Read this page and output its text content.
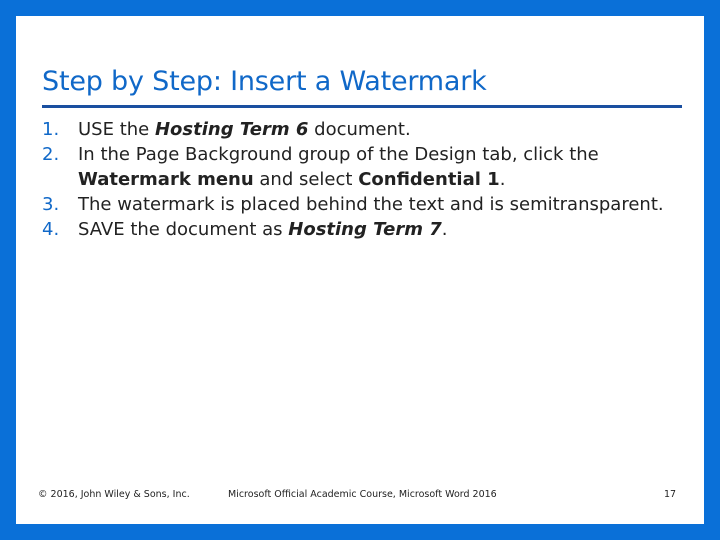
Step by Step: Insert a Watermark
1.	USE the Hosting Term 6 document.
2.	In the Page Background group of the Design tab, click the Watermark menu and select Confidential 1.
3.	The watermark is placed behind the text and is semitransparent.
4.	SAVE the document as Hosting Term 7.
© 2016, John Wiley & Sons, Inc.	Microsoft Official Academic Course, Microsoft Word 2016	17
